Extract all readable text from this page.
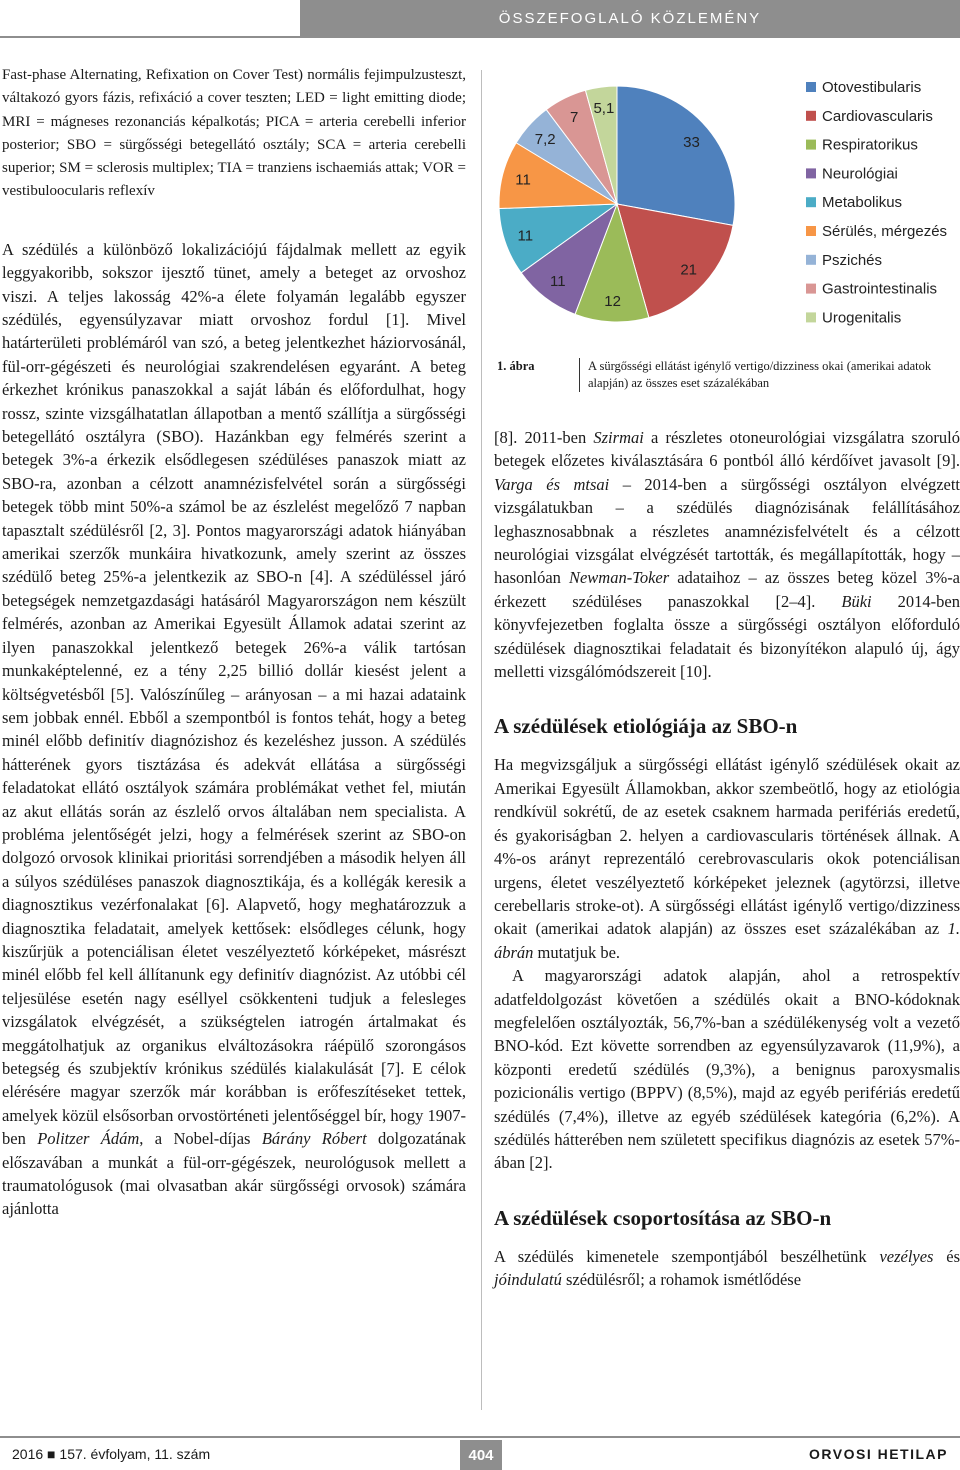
ÖSSZEFOGLALÓ KÖZLEMÉNY

Fast-phase Alternating, Refixation on Cover Test) normális fejimpulzusteszt, váltakozó gyors fázis, refixáció a cover teszten; LED = light emitting diode; MRI = mágneses rezonanciás képalkotás; PICA = arteria cerebelli inferior posterior; SBO = sürgősségi betegellátó osztály; SCA = arteria cerebelli superior; SM = sclerosis multiplex; TIA = tranziens ischaemiás attak; VOR = vestibuloocularis reflexív

A szédülés a különböző lokalizációjú fájdalmak mellett az egyik leggyakoribb, sokszor ijesztő tünet, amely a beteget az orvoshoz viszi. A teljes lakosság 42%-a élete folyamán legalább egyszer szédülés, egyensúlyzavar miatt orvoshoz fordul [1]. Mivel határterületi problémáról van szó, a beteg jelentkezhet háziorvosánál, fül-orr-gégészeti és neurológiai szakrendelésen egyaránt. A beteg érkezhet krónikus panaszokkal a saját lábán és előfordulhat, hogy rossz, szinte vizsgálhatatlan állapotban a mentő szállítja a sürgősségi betegellátó osztályra (SBO). Hazánkban egy felmérés szerint a betegek 3%-a érkezik elsődlegesen szédüléses panaszok miatt az SBO-ra, azonban a célzott anamnézisfelvétel során a sürgősségi betegek több mint 50%-a számol be az észlelést megelőző 7 napban tapasztalt szédülésről [2, 3]. Pontos magyarországi adatok hiányában amerikai szerzők munkáira hivatkozunk, amely szerint az összes szédülő beteg 25%-a jelentkezik az SBO-n [4]. A szédüléssel járó betegségek nemzetgazdasági hatásáról Magyarországon nem készült felmérés, azonban az Amerikai Egyesült Államok adatai szerint az ilyen panaszokkal jelentkező betegek 26%-a válik tartósan munkaképtelenné, ez a tény 2,25 billió dollár kiesést jelent a költségvetésből [5]. Valószínűleg – arányosan – a mi hazai adataink sem jobbak ennél. Ebből a szempontból is fontos tehát, hogy a beteg minél előbb definitív diagnózishoz és kezeléshez jusson. A szédülés hátterének gyors tisztázása és adekvát ellátása a sürgősségi feladatokat ellátó osztályok számára problémákat vethet fel, miután az akut ellátás során az észlelő orvos általában nem specialista. A probléma jelentőségét jelzi, hogy a felmérések szerint az SBO-on dolgozó orvosok klinikai prioritási sorrendjében a második helyen áll a súlyos szédüléses panaszok diagnosztikája, és a kollégák keresik a diagnosztikus vezérfonalakat [6]. Alapvető, hogy meghatározzuk a diagnosztika feladatait, amelyek kettősek: elsődleges célunk, hogy kiszűrjük a potenciálisan életet veszélyeztető kórképeket, másrészt minél előbb fel kell állítanunk egy definitív diagnózist. Az utóbbi cél teljesülése esetén nagy eséllyel csökkenteni tudjuk a felesleges vizsgálatok elvégzését, a szükségtelen iatrogén ártalmakat és meggátolhatjuk az organikus elváltozásokra ráépülő szorongásos betegség és szubjektív krónikus szédülés kialakulását [7]. E célok elérésére magyar szerzők már korábban is erőfeszítéseket tettek, amelyek közül elsősorban orvostörténeti jelentőséggel bír, hogy 1907-ben Politzer Ádám, a Nobel-díjas Bárány Róbert dolgozatának előszavában a munkát a fül-orr-gégészek, neurológusok mellett a traumatológusok (mai olvasatban akár sürgősségi orvosok) számára ajánlotta

33
21
12
11
11
11
7,2
7
5,1
Otovestibularis
Cardiovascularis
Respiratorikus
Neurológiai
Metabolikus
Sérülés, mérgezés
Pszichés
Gastrointestinalis
Urogenitalis
1. ábra	A sürgősségi ellátást igénylő vertigo/dizziness okai (amerikai adatok alapján) az összes eset százalékában

[8]. 2011-ben Szirmai a részletes otoneurológiai vizsgálatra szoruló betegek előzetes kiválasztására 6 pontból álló kérdőívet javasolt [9]. Varga és mtsai – 2014-ben a sürgősségi osztályon elvégzett vizsgálatukban – a szédülés diagnózisának felállításához leghasznosabbnak a részletes anamnézisfelvételt és a célzott neurológiai vizsgálat elvégzését tartották, és megállapították, hogy – hasonlóan Newman-Toker adataihoz – az összes beteg közel 3%-a érkezett szédüléses panaszokkal [2–4]. Büki 2014-ben könyvfejezetben foglalta össze a sürgősségi osztályon előforduló szédülések diagnosztikai feladatait és bizonyítékon alapuló új, ágy melletti vizsgálómódszereit [10].

A szédülések etiológiája az SBO-n

Ha megvizsgáljuk a sürgősségi ellátást igénylő szédülések okait az Amerikai Egyesült Államokban, akkor szembeötlő, hogy az etiológia rendkívül sokrétű, de az esetek csaknem harmada perifériás eredetű, és gyakoriságban 2. helyen a cardiovascularis történések állnak. A 4%-os arányt reprezentáló cerebrovascularis okok potenciálisan urgens, életet veszélyeztető kórképeket jeleznek (agytörzsi, illetve cerebellaris stroke-ot). A sürgősségi ellátást igénylő vertigo/dizziness okait (amerikai adatok alapján) az összes eset százalékában az 1. ábrán mutatjuk be.

A magyarországi adatok alapján, ahol a retrospektív adatfeldolgozást követően a szédülés okait a BNO-kódoknak megfelelően osztályozták, 56,7%-ban a szédülékenység volt a vezető BNO-kód. Ezt követte sorrendben az egyensúlyzavarok (11,9%), a központi eredetű szédülés (9,3%), a benignus paroxysmalis pozicionális vertigo (BPPV) (8,5%), majd az egyéb perifériás eredetű szédülés (7,4%), illetve az egyéb szédülések kategória (6,2%). A szédülés hátterében nem született specifikus diagnózis az esetek 57%-ában [2].

A szédülések csoportosítása az SBO-n

A szédülés kimenetele szempontjából beszélhetünk vezélyes és jóindulatú szédülésről; a rohamok ismétlődése

2016 ■ 157. évfolyam, 11. szám	404	ORVOSI HETILAP
